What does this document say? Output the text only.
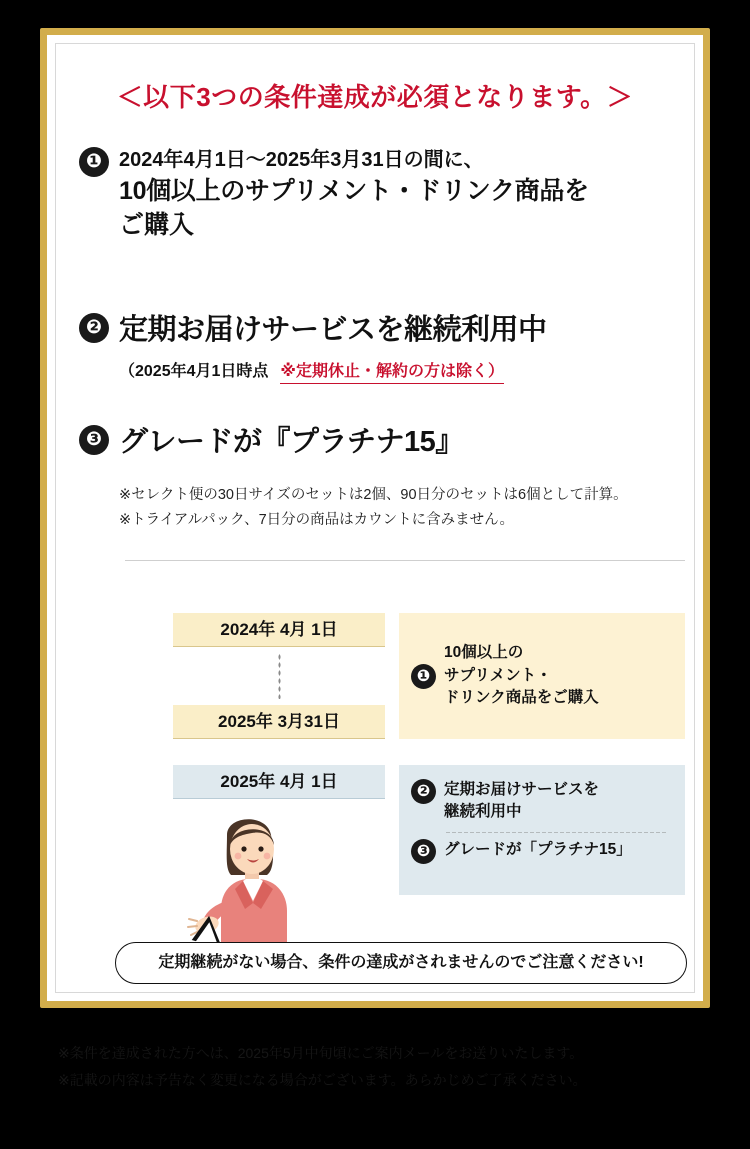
＜以下3つの条件達成が必須となります。＞
❶ 2024年4月1日〜2025年3月31日の間に、
10個以上のサプリメント・ドリンク商品を
ご購入
❷ 定期お届けサービスを継続利用中
（2025年4月1日時点 ※定期休止・解約の方は除く）
❸ グレードが『プラチナ15』
※セレクト便の30日サイズのセットは2個、90日分のセットは6個として計算。
※トライアルパック、7日分の商品はカウントに含みません。
2024年 4月 1日
2025年 3月31日
2025年 4月 1日
❶
10個以上の
サプリメント・
ドリンク商品をご購入
❷ 定期お届けサービスを
継続利用中
❸ グレードが「プラチナ15」
定期継続がない場合、条件の達成がされませんのでご注意ください!
※条件を達成された方へは、2025年5月中旬頃にご案内メールをお送りいたします。
※記載の内容は予告なく変更になる場合がございます。あらかじめご了承ください。
